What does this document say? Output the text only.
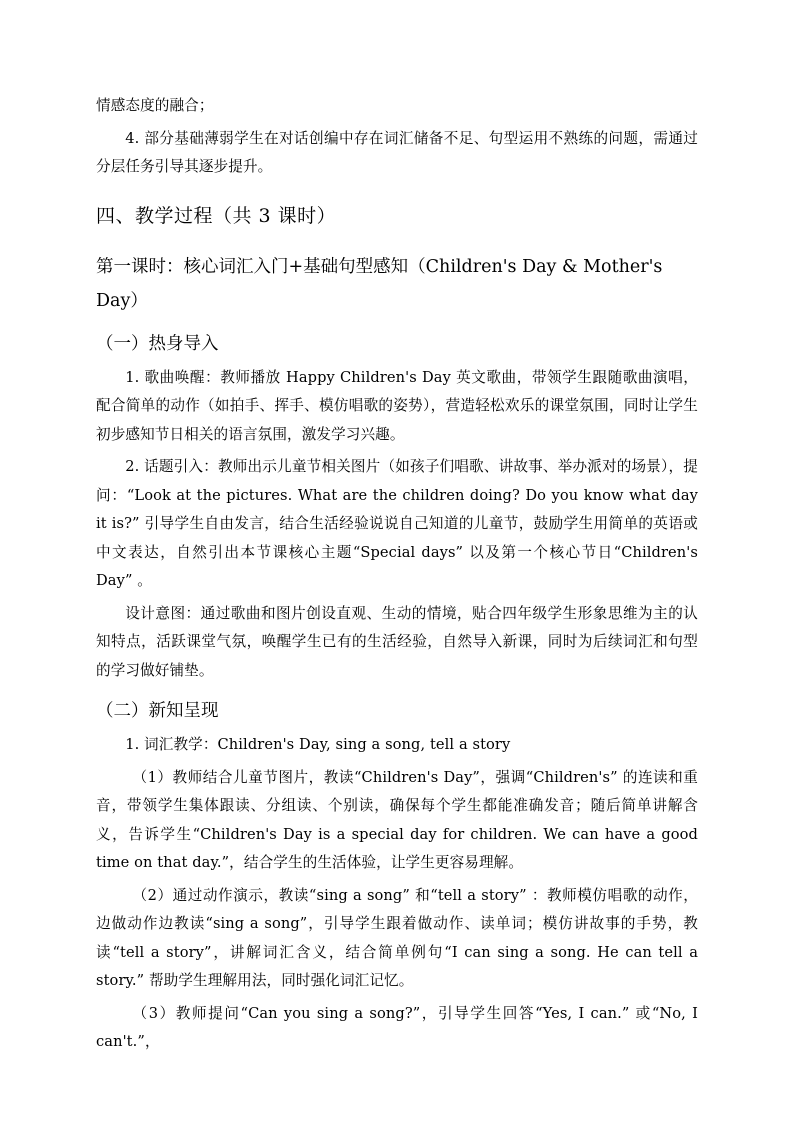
情感态度的融合；

4. 部分基础薄弱学生在对话创编中存在词汇储备不足、句型运用不熟练的问题，需通过分层任务引导其逐步提升。

四、教学过程（共 3 课时）
第一课时：核心词汇入门+基础句型感知（Children's Day & Mother's Day）
（一）热身导入

1. 歌曲唤醒：教师播放 Happy Children's Day 英文歌曲，带领学生跟随歌曲演唱，配合简单的动作（如拍手、挥手、模仿唱歌的姿势），营造轻松欢乐的课堂氛围，同时让学生初步感知节日相关的语言氛围，激发学习兴趣。

2. 话题引入：教师出示儿童节相关图片（如孩子们唱歌、讲故事、举办派对的场景），提问：“Look at the pictures. What are the children doing? Do you know what day it is?” 引导学生自由发言，结合生活经验说说自己知道的儿童节，鼓励学生用简单的英语或中文表达，自然引出本节课核心主题“Special days” 以及第一个核心节日“Children's Day” 。

设计意图：通过歌曲和图片创设直观、生动的情境，贴合四年级学生形象思维为主的认知特点，活跃课堂气氛，唤醒学生已有的生活经验，自然导入新课，同时为后续词汇和句型的学习做好铺垫。

（二）新知呈现

1. 词汇教学：Children's Day, sing a song, tell a story

（1）教师结合儿童节图片，教读“Children's Day”，强调“Children's” 的连读和重音，带领学生集体跟读、分组读、个别读，确保每个学生都能准确发音；随后简单讲解含义，告诉学生“Children's Day is a special day for children. We can have a good time on that day.”，结合学生的生活体验，让学生更容易理解。

（2）通过动作演示，教读“sing a song” 和“tell a story” ：教师模仿唱歌的动作，边做动作边教读“sing a song”，引导学生跟着做动作、读单词；模仿讲故事的手势，教读“tell a story”，讲解词汇含义，结合简单例句“I can sing a song. He can tell a story.” 帮助学生理解用法，同时强化词汇记忆。

（3）教师提问“Can you sing a song?”，引导学生回答“Yes, I can.” 或“No, I can't.”，
